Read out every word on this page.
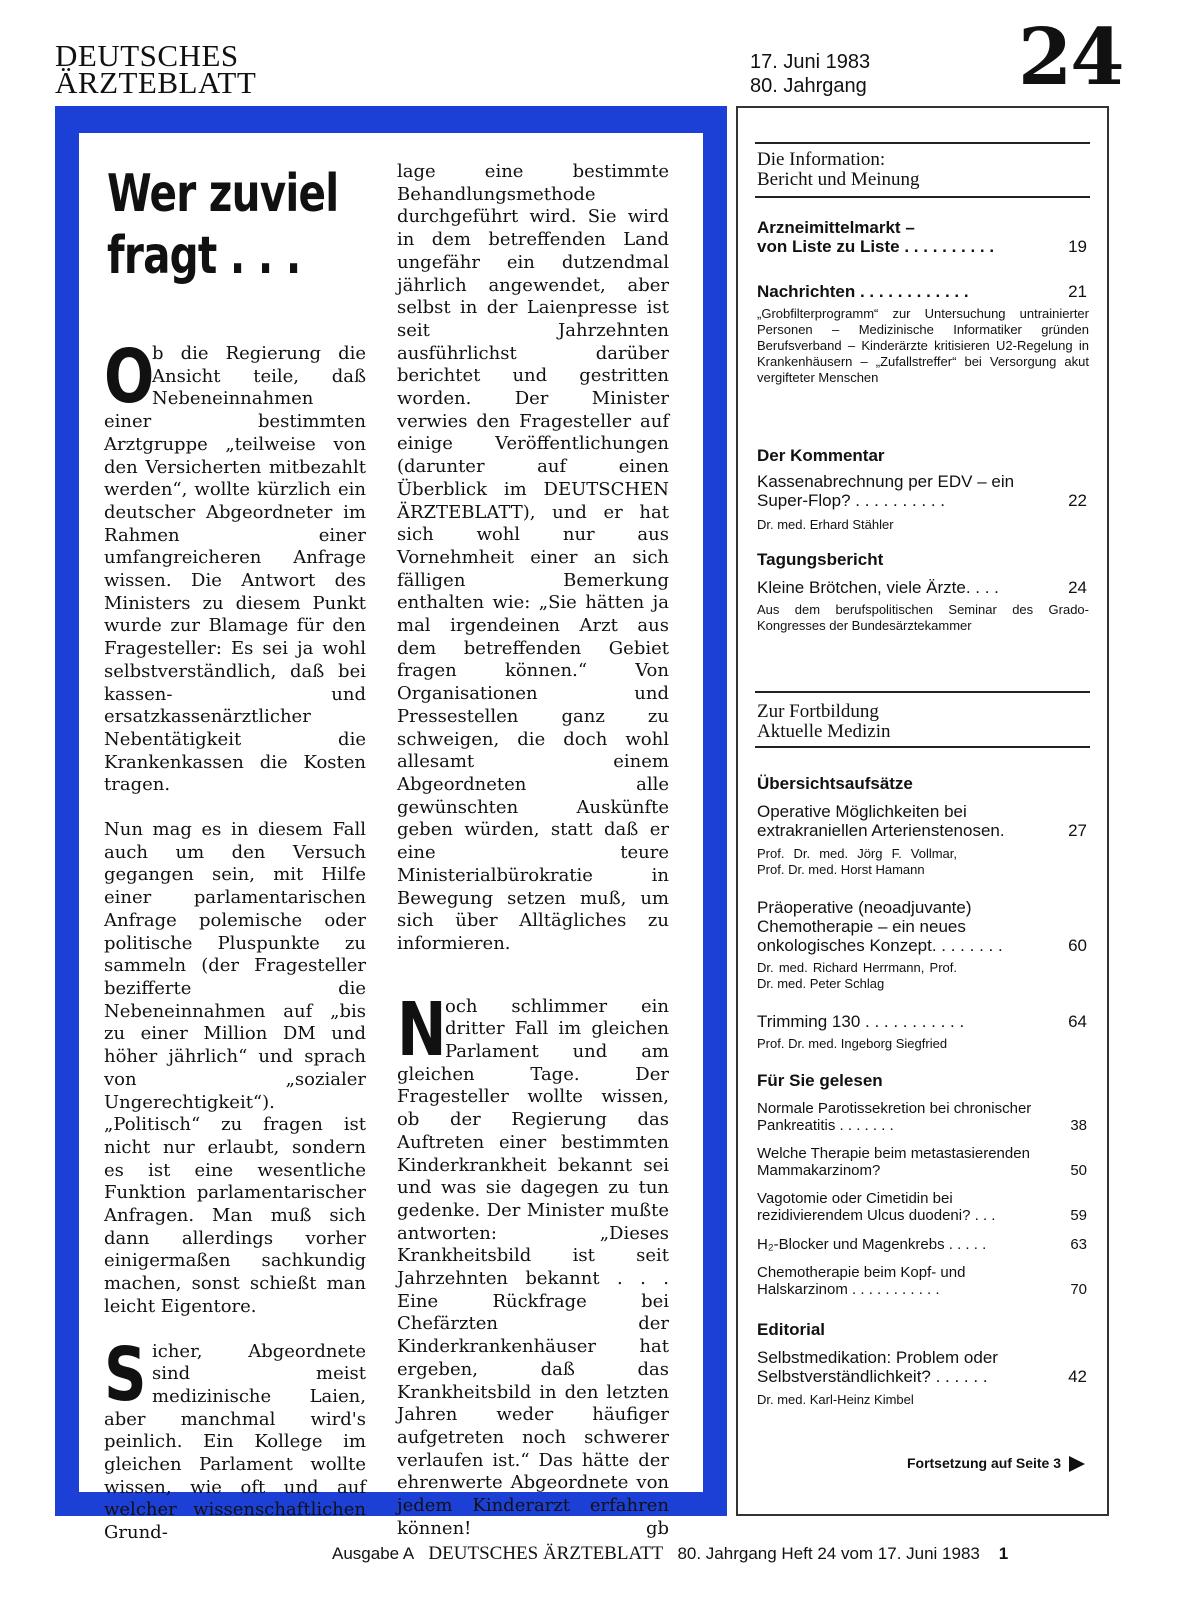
DEUTSCHES
ÄRZTEBLATT
17. Juni 1983
80. Jahrgang 24
Wer zuviel
fragt . . .

O
b die Regierung die Ansicht teile, daß Nebeneinnahmen einer bestimmten Arztgruppe „teilweise von den Versicherten mitbezahlt werden“, wollte kürzlich ein deutscher Abgeordneter im Rahmen einer umfangreicheren Anfrage wissen. Die Antwort des Ministers zu diesem Punkt wurde zur Blamage für den Fragesteller: Es sei ja wohl selbstverständlich, daß bei kassen- und ersatzkassenärztlicher Nebentätigkeit die Krankenkassen die Kosten tragen.

Nun mag es in diesem Fall auch um den Versuch gegangen sein, mit Hilfe einer parlamentarischen Anfrage polemische oder politische Pluspunkte zu sammeln (der Fragesteller bezifferte die Nebeneinnahmen auf „bis zu einer Million DM und höher jährlich“ und sprach von „sozialer Ungerechtigkeit“). „Politisch“ zu fragen ist nicht nur erlaubt, sondern es ist eine wesentliche Funktion parlamentarischer Anfragen. Man muß sich dann allerdings vorher einigermaßen sachkundig machen, sonst schießt man leicht Eigentore.

Sicher, Abgeordnete sind meist medizinische Laien, aber manchmal wird's peinlich. Ein Kollege im gleichen Parlament wollte wissen, wie oft und auf welcher wissenschaftlichen Grund-

lage eine bestimmte Behandlungsmethode durchgeführt wird. Sie wird in dem betreffenden Land ungefähr ein dutzendmal jährlich angewendet, aber selbst in der Laienpresse ist seit Jahrzehnten ausführlichst darüber berichtet und gestritten worden. Der Minister verwies den Fragesteller auf einige Veröffentlichungen (darunter auf einen Überblick im DEUTSCHEN ÄRZTEBLATT), und er hat sich wohl nur aus Vornehmheit einer an sich fälligen Bemerkung enthalten wie: „Sie hätten ja mal irgendeinen Arzt aus dem betreffenden Gebiet fragen können.“ Von Organisationen und Pressestellen ganz zu schweigen, die doch wohl allesamt einem Abgeordneten alle gewünschten Auskünfte geben würden, statt daß er eine teure Ministerialbürokratie in Bewegung setzen muß, um sich über Alltägliches zu informieren.

N
och schlimmer ein dritter Fall im gleichen Parlament und am gleichen Tage. Der Fragesteller wollte wissen, ob der Regierung das Auftreten einer bestimmten Kinderkrankheit bekannt sei und was sie dagegen zu tun gedenke. Der Minister mußte antworten: „Dieses Krankheitsbild ist seit Jahrzehnten bekannt . . . Eine Rückfrage bei Chefärzten der Kinderkrankenhäuser hat ergeben, daß das Krankheitsbild in den letzten Jahren weder häufiger aufgetreten noch schwerer verlaufen ist.“ Das hätte der ehrenwerte Abgeordnete von jedem Kinderarzt erfahren können!	gb

Die Information:
Bericht und Meinung
Arzneimittelmarkt –
von Liste zu Liste . . . . . . . . . .	19
Nachrichten . . . . . . . . . . . .	21
„Grobfilterprogramm“ zur Untersuchung untrainierter Personen – Medizinische Informatiker gründen Berufsverband – Kinderärzte kritisieren U2-Regelung in Krankenhäusern – „Zufallstreffer“ bei Versorgung akut vergifteter Menschen
Der Kommentar
Kassenabrechnung per EDV – ein Super-Flop? . . . . . . . . . .	22
Dr. med. Erhard Stähler
Tagungsbericht
Kleine Brötchen, viele Ärzte. . . .	24
Aus dem berufspolitischen Seminar des Grado-Kongresses der Bundesärztekammer
Zur Fortbildung
Aktuelle Medizin
Übersichtsaufsätze
Operative Möglichkeiten bei extrakraniellen Arterienstenosen.	27
Prof. Dr. med. Jörg F. Vollmar, Prof. Dr. med. Horst Hamann
Präoperative (neoadjuvante) Chemotherapie – ein neues onkologisches Konzept. . . . . . . .	60
Dr. med. Richard Herrmann, Prof. Dr. med. Peter Schlag
Trimming 130 . . . . . . . . . . .	64
Prof. Dr. med. Ingeborg Siegfried
Für Sie gelesen
Normale Parotissekretion bei chronischer Pankreatitis . . . . . . .	38
Welche Therapie beim metastasierenden Mammakarzinom?	50
Vagotomie oder Cimetidin bei rezidivierendem Ulcus duodeni? . . .	59
H₂-Blocker und Magenkrebs . . . . .	63
Chemotherapie beim Kopf- und Halskarzinom . . . . . . . . . . .	70
Editorial
Selbstmedikation: Problem oder Selbstverständlichkeit? . . . . . .	42
Dr. med. Karl-Heinz Kimbel
Fortsetzung auf Seite 3
Ausgabe A DEUTSCHES ÄRZTEBLATT 80. Jahrgang Heft 24 vom 17. Juni 1983 1
